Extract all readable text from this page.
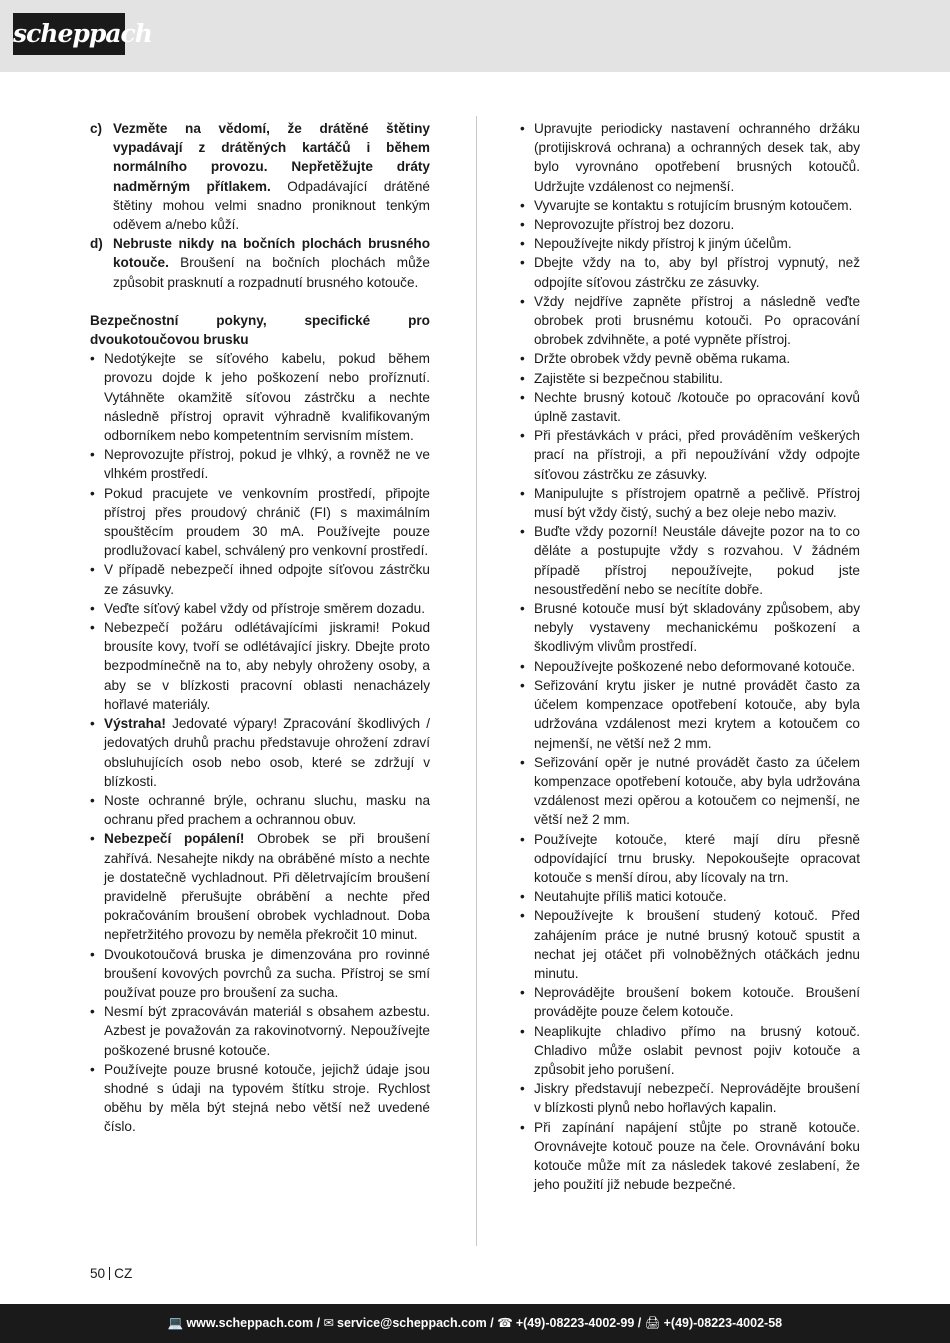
scheppach
c) Vezměte na vědomí, že drátěné štětiny vypadávají z drátěných kartáčů i během normálního provozu. Nepřetěžujte dráty nadměrným přítlakem. Odpadávající drátěné štětiny mohou velmi snadno proniknout tenkým oděvem a/nebo kůží.
d) Nebruste nikdy na bočních plochách brusného kotouče. Broušení na bočních plochách může způsobit prasknutí a rozpadnutí brusného kotouče.
Bezpečnostní pokyny, specifické pro dvoukotoučovou brusku
• Nedotýkejte se síťového kabelu, pokud během provozu dojde k jeho poškození nebo proříznutí. Vytáhněte okamžitě síťovou zástrčku a nechte následně přístroj opravit výhradně kvalifikovaným odborníkem nebo kompetentním servisním místem.
• Neprovozujte přístroj, pokud je vlhký, a rovněž ne ve vlhkém prostředí.
• Pokud pracujete ve venkovním prostředí, připojte přístroj přes proudový chránič (FI) s maximálním spouštěcím proudem 30 mA. Používejte pouze prodlužovací kabel, schválený pro venkovní prostředí.
• V případě nebezpečí ihned odpojte síťovou zástrčku ze zásuvky.
• Veďte síťový kabel vždy od přístroje směrem dozadu.
• Nebezpečí požáru odlétávajícími jiskrami! Pokud brousíte kovy, tvoří se odlétávající jiskry. Dbejte proto bezpodmínečně na to, aby nebyly ohroženy osoby, a aby se v blízkosti pracovní oblasti nenacházely hořlavé materiály.
• Výstraha! Jedovaté výpary! Zpracování škodlivých / jedovatých druhů prachu představuje ohrožení zdraví obsluhujících osob nebo osob, které se zdržují v blízkosti.
• Noste ochranné brýle, ochranu sluchu, masku na ochranu před prachem a ochrannou obuv.
• Nebezpečí popálení! Obrobek se při broušení zahřívá. Nesahejte nikdy na obráběné místo a nechte je dostatečně vychladnout. Při děletrvajícím broušení pravidelně přerušujte obrábění a nechte před pokračováním broušení obrobek vychladnout. Doba nepřetržitého provozu by neměla překročit 10 minut.
• Dvoukotoučová bruska je dimenzována pro rovinné broušení kovových povrchů za sucha. Přístroj se smí používat pouze pro broušení za sucha.
• Nesmí být zpracováván materiál s obsahem azbestu. Azbest je považován za rakovinotvorný. Nepoužívejte poškozené brusné kotouče.
• Používejte pouze brusné kotouče, jejichž údaje jsou shodné s údaji na typovém štítku stroje. Rychlost oběhu by měla být stejná nebo větší než uvedené číslo.
• Upravujte periodicky nastavení ochranného držáku (protijiskrová ochrana) a ochranných desek tak, aby bylo vyrovnáno opotřebení brusných kotoučů. Udržujte vzdálenost co nejmenší.
• Vyvarujte se kontaktu s rotujícím brusným kotoučem.
• Neprovozujte přístroj bez dozoru.
• Nepoužívejte nikdy přístroj k jiným účelům.
• Dbejte vždy na to, aby byl přístroj vypnutý, než odpojíte síťovou zástrčku ze zásuvky.
• Vždy nejdříve zapněte přístroj a následně veďte obrobek proti brusnému kotouči. Po opracování obrobek zdvihněte, a poté vypněte přístroj.
• Držte obrobek vždy pevně oběma rukama.
• Zajistěte si bezpečnou stabilitu.
• Nechte brusný kotouč /kotouče po opracování kovů úplně zastavit.
• Při přestávkách v práci, před prováděním veškerých prací na přístroji, a při nepoužívání vždy odpojte síťovou zástrčku ze zásuvky.
• Manipulujte s přístrojem opatrně a pečlivě. Přístroj musí být vždy čistý, suchý a bez oleje nebo maziv.
• Buďte vždy pozorní! Neustále dávejte pozor na to co děláte a postupujte vždy s rozvahou. V žádném případě přístroj nepoužívejte, pokud jste nesoustředění nebo se necítíte dobře.
• Brusné kotouče musí být skladovány způsobem, aby nebyly vystaveny mechanickému poškození a škodlivým vlivům prostředí.
• Nepoužívejte poškozené nebo deformované kotouče.
• Seřizování krytu jisker je nutné provádět často za účelem kompenzace opotřebení kotouče, aby byla udržována vzdálenost mezi krytem a kotoučem co nejmenší, ne větší než 2 mm.
• Seřizování opěr je nutné provádět často za účelem kompenzace opotřebení kotouče, aby byla udržována vzdálenost mezi opěrou a kotoučem co nejmenší, ne větší než 2 mm.
• Používejte kotouče, které mají díru přesně odpovídající trnu brusky. Nepokoušejte opracovat kotouče s menší dírou, aby lícovaly na trn.
• Neutahujte příliš matici kotouče.
• Nepoužívejte k broušení studený kotouč. Před zahájením práce je nutné brusný kotouč spustit a nechat jej otáčet při volnoběžných otáčkách jednu minutu.
• Neprovádějte broušení bokem kotouče. Broušení provádějte pouze čelem kotouče.
• Neaplikujte chladivo přímo na brusný kotouč. Chladivo může oslabit pevnost pojiv kotouče a způsobit jeho porušení.
• Jiskry představují nebezpečí. Neprovádějte broušení v blízkosti plynů nebo hořlavých kapalin.
• Při zapínání napájení stůjte po straně kotouče. Orovnávejte kotouč pouze na čele. Orovnávání boku kotouče může mít za následek takové zeslabení, že jeho použití již nebude bezpečné.
50 CZ
💻 www.scheppach.com / ✉ service@scheppach.com / ☎ +(49)-08223-4002-99 / 🖨 +(49)-08223-4002-58
